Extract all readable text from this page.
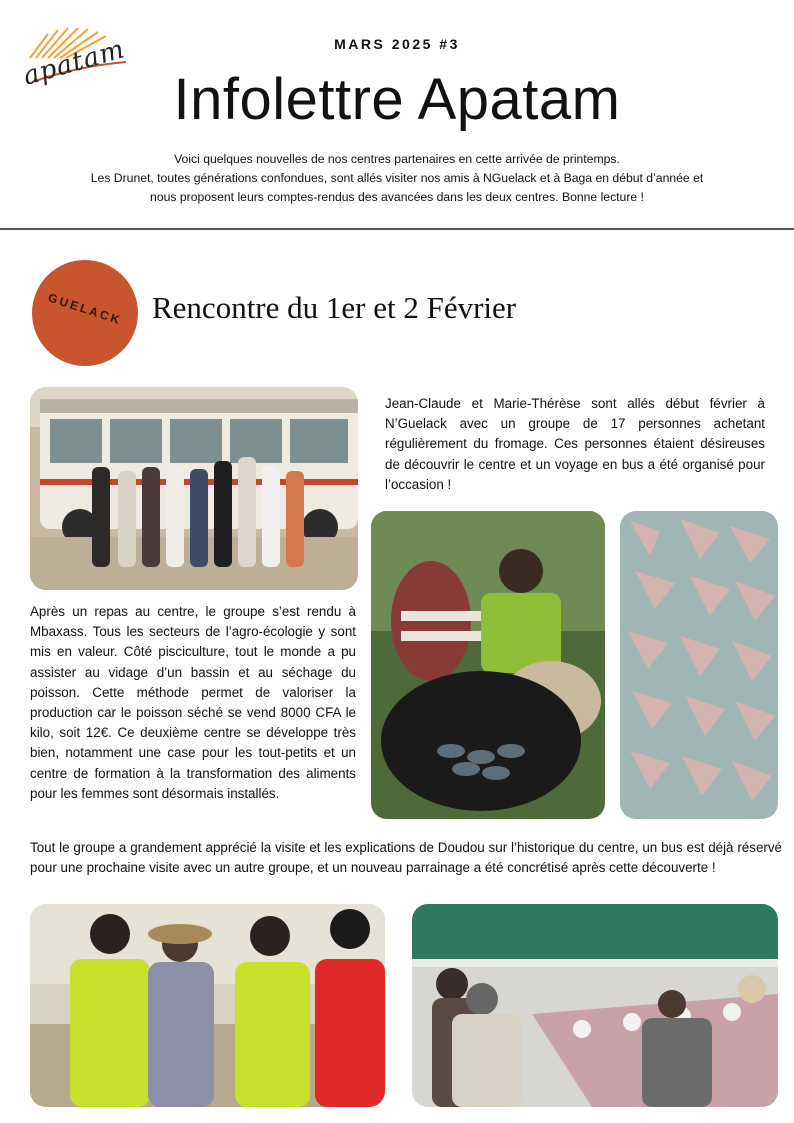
apatam	MARS 2025 #3
Infolettre Apatam
Voici quelques nouvelles de nos centres partenaires en cette arrivée de printemps.
Les Drunet, toutes générations confondues, sont allés visiter nos amis à NGuelack et à Baga en début d’année et
nous proposent leurs comptes-rendus des avancées dans les deux centres. Bonne lecture !
GUELACK Rencontre du 1er et 2 Février
Jean-Claude et Marie-Thérèse sont allés début février à N’Guelack avec un groupe de 17 personnes achetant régulièrement du fromage. Ces personnes étaient désireuses de découvrir le centre et un voyage en bus a été organisé pour l’occasion !
Après un repas au centre, le groupe s’est rendu à Mbaxass. Tous les secteurs de l’agro-écologie y sont mis en valeur. Côté pisciculture, tout le monde a pu assister au vidage d’un bassin et au séchage du poisson. Cette méthode permet de valoriser la production car le poisson séché se vend 8000 CFA le kilo, soit 12€. Ce deuxième centre se développe très bien, notamment une case pour les tout-petits et un centre de formation à la transformation des aliments pour les femmes sont désormais installés.
Tout le groupe a grandement apprécié la visite et les explications de Doudou sur l’historique du centre, un bus est déjà réservé pour une prochaine visite avec un autre groupe, et un nouveau parrainage a été concrétisé après cette découverte !
